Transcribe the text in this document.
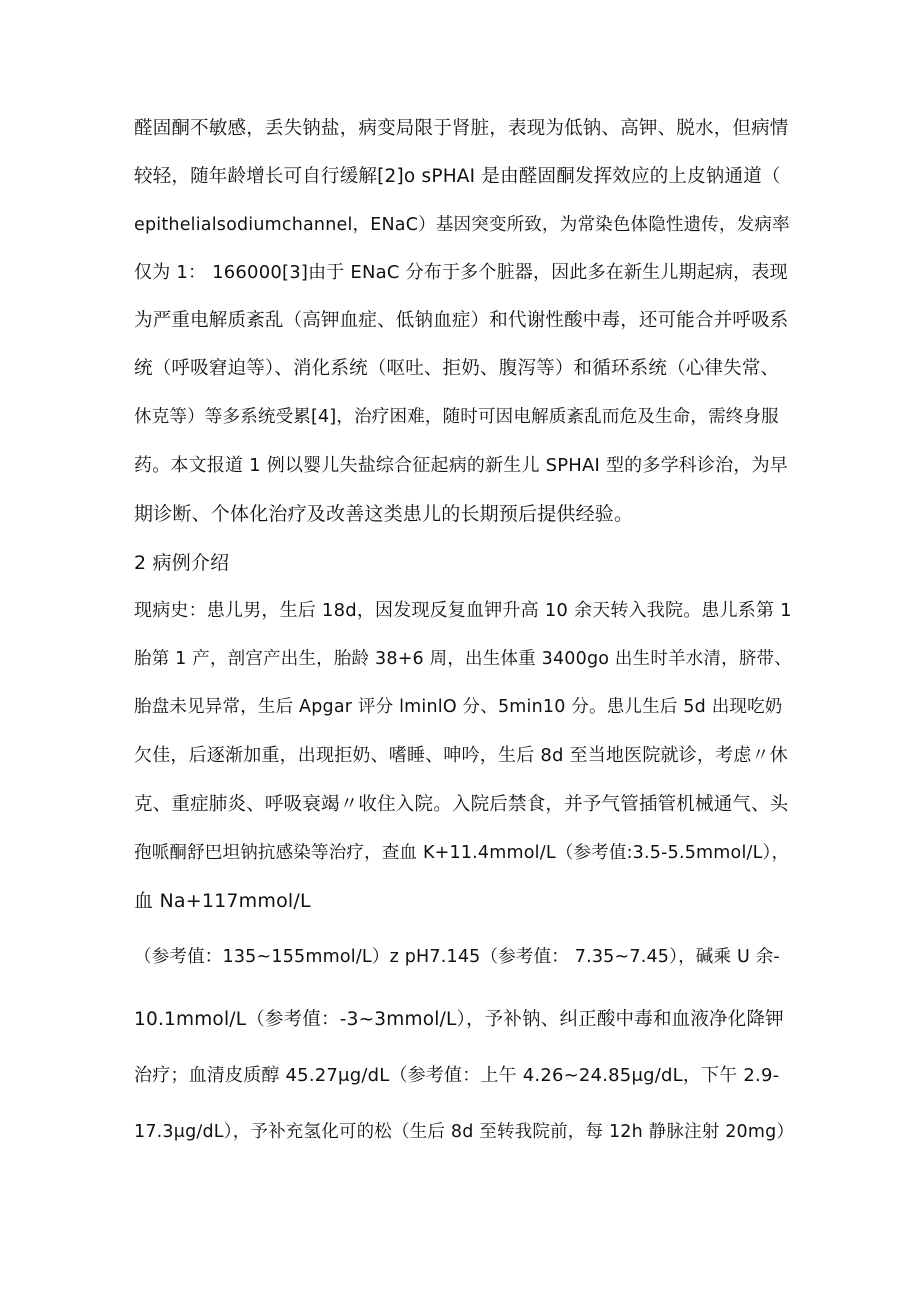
醛固酮不敏感，丢失钠盐，病变局限于肾脏，表现为低钠、高钾、脱水，但病情
较轻，随年龄增长可自行缓解[2]o sPHAI 是由醛固酮发挥效应的上皮钠通道（
epithelialsodiumchannel，ENaC）基因突变所致，为常染色体隐性遗传，发病率
仅为 1： 166000[3]由于 ENaC 分布于多个脏器，因此多在新生儿期起病，表现
为严重电解质紊乱（高钾血症、低钠血症）和代谢性酸中毒，还可能合并呼吸系
统（呼吸窘迫等）、消化系统（呕吐、拒奶、腹泻等）和循环系统（心律失常、
休克等）等多系统受累[4]，治疗困难，随时可因电解质紊乱而危及生命，需终身服
药。本文报道 1 例以婴儿失盐综合征起病的新生儿 SPHAI 型的多学科诊治，为早
期诊断、个体化治疗及改善这类患儿的长期预后提供经验。
2 病例介绍
现病史：患儿男，生后 18d，因发现反复血钾升高 10 余天转入我院。患儿系第 1
胎第 1 产，剖宫产出生，胎龄 38+6 周，出生体重 3400go 出生时羊水清，脐带、
胎盘未见异常，生后 Apgar 评分 lminlO 分、5min10 分。患儿生后 5d 出现吃奶
欠佳，后逐渐加重，出现拒奶、嗜睡、呻吟，生后 8d 至当地医院就诊，考虑〃休
克、重症肺炎、呼吸衰竭〃收住入院。入院后禁食，并予气管插管机械通气、头
孢哌酮舒巴坦钠抗感染等治疗，查血 K+11.4mmol∕L（参考值:3.5-5.5mmol/L），
血 Na+117mmol/L
（参考值：135~155mmol/L）z pH7.145（参考值： 7.35~7.45），碱乘 U 余-
10.1mmol/L（参考值：-3~3mmol/L），予补钠、纠正酸中毒和血液净化降钾
治疗；血清皮质醇 45.27μg∕dL（参考值：上午 4.26~24.85μg/dL，下午 2.9-
17.3μg∕dL），予补充氢化可的松（生后 8d 至转我院前，每 12h 静脉注射 20mg）
